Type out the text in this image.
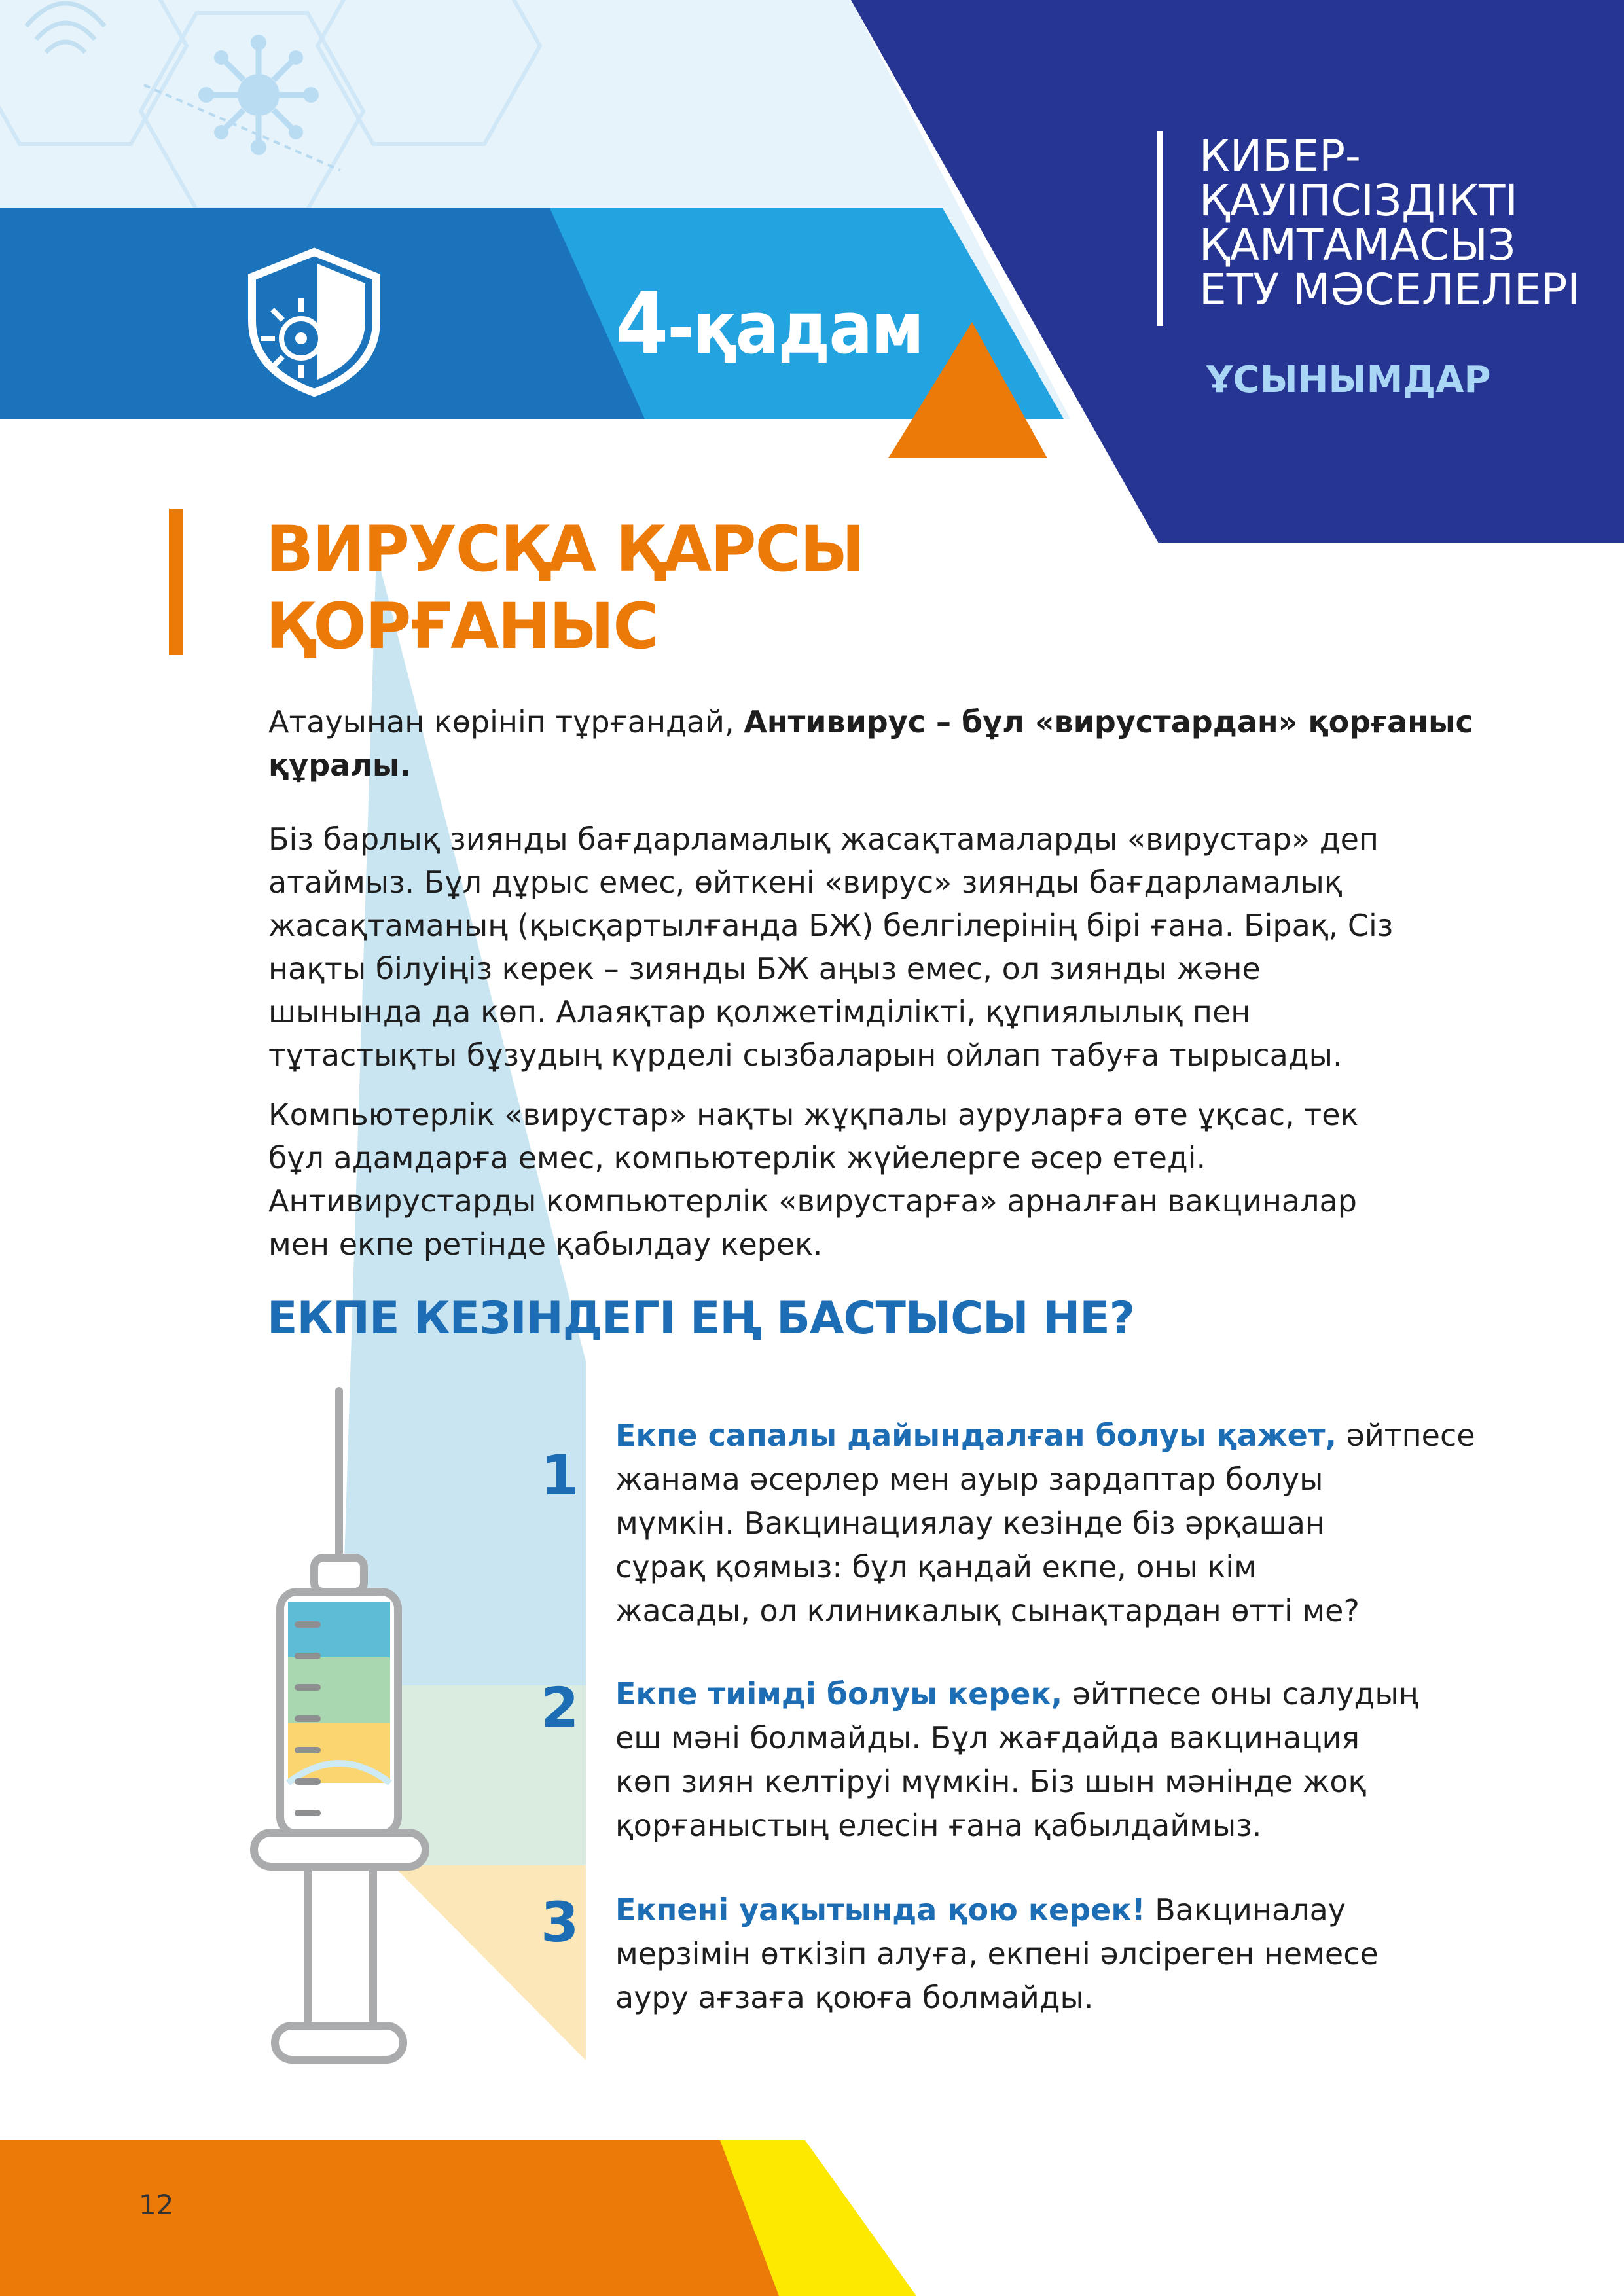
4-қадам
КИБЕР-
ҚАУІПСІЗДІКТІ
ҚАМТАМАСЫЗ
ЕТУ МӘСЕЛЕЛЕРІ
ҰСЫНЫМДАР
ВИРУСҚА ҚАРСЫ
ҚОРҒАНЫС
Атауынан көрініп тұрғандай, Антивирус – бұл «вирустардан» қорғаныс
құралы.
Біз барлық зиянды бағдарламалық жасақтамаларды «вирустар» деп
атаймыз. Бұл дұрыс емес, өйткені «вирус» зиянды бағдарламалық
жасақтаманың (қысқартылғанда БЖ) белгілерінің бірі ғана. Бірақ, Сіз
нақты білуіңіз керек – зиянды БЖ аңыз емес, ол зиянды және
шынында да көп. Алаяқтар қолжетімділікті, құпиялылық пен
тұтастықты бұзудың күрделі сызбаларын ойлап табуға тырысады.
Компьютерлік «вирустар» нақты жұқпалы ауруларға өте ұқсас, тек
бұл адамдарға емес, компьютерлік жүйелерге әсер етеді.
Антивирустарды компьютерлік «вирустарға» арналған вакциналар
мен екпе ретінде қабылдау керек.
ЕКПЕ КЕЗІНДЕГІ ЕҢ БАСТЫСЫ НЕ?
1
2
3
Екпе сапалы дайындалған болуы қажет, әйтпесе
жанама әсерлер мен ауыр зардаптар болуы
мүмкін. Вакцинациялау кезінде біз әрқашан
сұрақ қоямыз: бұл қандай екпе, оны кім
жасады, ол клиникалық сынақтардан өтті ме?
Екпе тиімді болуы керек, әйтпесе оны салудың
еш мәні болмайды. Бұл жағдайда вакцинация
көп зиян келтіруі мүмкін. Біз шын мәнінде жоқ
қорғаныстың елесін ғана қабылдаймыз.
Екпені уақытында қою керек! Вакциналау
мерзімін өткізіп алуға, екпені әлсіреген немесе
ауру ағзаға қоюға болмайды.
12
